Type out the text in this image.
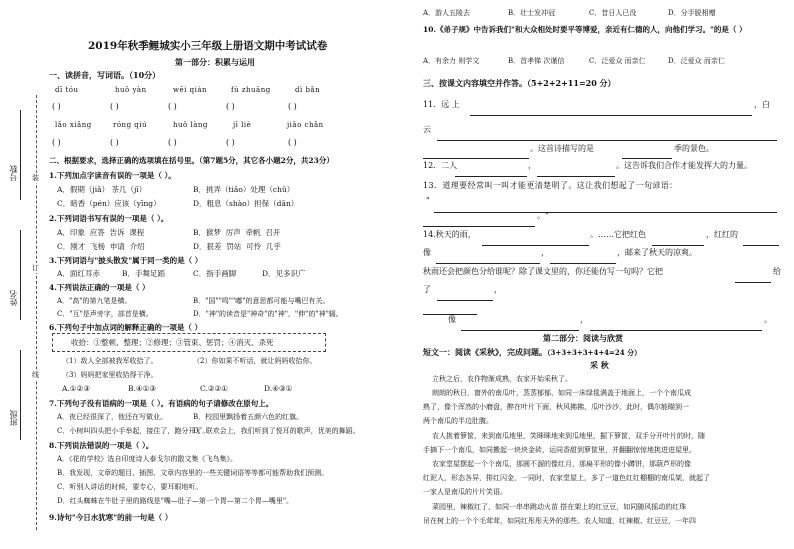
号数
姓名
班级
装
订
线
2019年秋季鲤城实小三年级上册语文期中考试试卷
第一部分：积累与运用
一、读拼音，写词语。（10分）
dī tóu	huǒ yàn	wēi qián	fú zhuāng	dì bǎn
( )	( )	( )	( )	( )
lǎo xiǎng	róng qiú	huǒ làng	jī liè	jiǎo chǎn
( )	( )	( )	( )	( )
二、根据要求，选择正确的选项填在括号里。（第7题5分，其它各小题2分，共23分）
1.下列加点字读音有误的一项是（ ）。
A．假期（jiǎ） 茶几（jī）	B．挑弄（tiǎo）处理（chǔ）
C．暗香（pén）应该（yīng）	D．粗息（shào）担保（dān）
2.下列词语书写有误的一项是（ ）。
A．印象 应答 告诉 课程	B．猴梦 厉声 牵帆 召开
C．刚才 飞杨 申请 介绍	D．狠差 罚站 可怜 几乎
3.下列词语与"披头散发"属于同一类的是（ ）
A．面红耳赤	B．手舞足蹈	C．指手画脚	D．见多识广
4.下列说法正确的一项是（ ）
A．"高"的第九笔是横。	B．"国""鸣""嘟"的意思都可能与嘴巴有关。
C．"互"是声旁字，部首是横。	D．"神"的读音是"神奇"的"神"，"伸"的"神"辐。
6.下列句子中加点词的解释正确的一项是（ ）
收拾：①整顿、整理；②修理；③管束、惩罚；④消灭、杀死
（1）敌人全部被我军收拾了。	（2）你如果不听话，就让妈妈收拾你。
（3）妈妈把家里收拾得干净。
A.①②③	B.④①③	C.②②①	D.④③①
7.下列句子没有语病的一项是（ ）。有语病的句子请修改在原句上。
A．夜已经很深了，他还在写做业。	B．校园里飘扬着五颜六色的红旗。
C．小树叫四头把小手举起，接住了，跑分开了。
D．联欢会上，我们听到了悦耳的歌声，优美的舞蹈。
8.下列说法错误的一项是（ ）。
A．《花的学校》选自印度诗人泰戈尔的散文集《飞鸟集》。
B．我发现，文章的题目、插图、文章内容里的一些关键词语等等都可能帮助我们预测。
C．听别人讲话的时候，要专心，要耳眼地听。
D．红头蜘蛛在牛肚子里的路线是"嘴—肚子—第一个胃—第二个胃—嘴里"。
9.诗句"今日水犹寒"的前一句是（ ）
A．游人五陵去	B．壮士发冲冠	C．昔日人已没	D．分手脱相赠
10.《弟子规》中告诉我们"和大众相处时要平等博爱，亲近有仁德的人，向他们学习。"的是（ ）
A．有余力 则学文	B．首孝悌 次谨信	C．泛爱众 而亲仁	D．泛爱众 而亲仁
三、按课文内容填空并作答。（5+2+2+11=20 分）
11．远 上	，白
云
。这首诗描写的是	季的景色。
12．二人	，	。这告诉我们合作才能发挥大的力量。
13．道理要经常叫一叫才能更清楚明了。这让我们想起了一句谚语：
"
。"
14.秋天的雨，	。……它把红色	，红红的
像	，	，邮来了秋天的凉爽。
秋雨还会把颜色分给谁呢？除了课文里的，你还能仿写一句吗？它把	给
了	，
像	，	。
第二部分：阅读与欣赏
短文一：阅读《采秋》，完成问题。（3+3+3+3+4+4=24 分）
采 秋
立秋之后，农作物渐成熟，农家开始采秋了。
朗朗的秋日，窗外的南瓜叶，蒸蒸郁郁，如同一床绿毯满盖于地面上，一个个南瓜成
熟了，像个浑然的小磨盘，醉在叶片下面，秋风拂拂，瓜叶沙沙，此时，偶尔能瞄到一
两个南瓜的半边肚腹。
农人挑着箩筐，来到南瓜地里，笑眯眯地来到瓜地里，掘下箩筐，双手分开叶片的时，随
手摘下一个南瓜，如同搬起一块块金砖，运同香甜到箩筐里，并翻翻惊惊地挑进进屋里。
农家堂屋摆起一个个南瓜，那圆不溜的像红月，那扁平形的像小蹲饼，那葫芦形的像
红泥人，形态各异，排红闪金，一同时，农家堂屋上，多了一道色红红棚棚的南瓜架，就起了
一家人是南瓜的片片笑语。
菜园里，辣椒红了，如同一串串跳动火苗 搭在架上的红豆豆，如同随风摇动的红珠
吊在树上的一个个毛茸茸，如同红彤彤天外的那些。农人知道，红辣椒、红豆豆，一年四
